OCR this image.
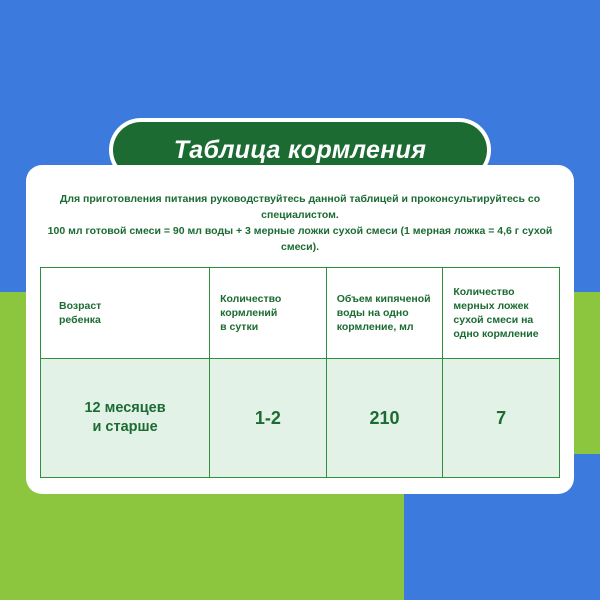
Таблица кормления

Для приготовления питания руководствуйтесь данной таблицей и проконсультируйтесь со специалистом.

100 мл готовой смеси = 90 мл воды + 3 мерные ложки сухой смеси (1 мерная ложка = 4,6 г сухой смеси).

Возраст
ребенка	Количество
кормлений
в сутки	Объем кипяченой
воды на одно
кормление, мл	Количество
мерных ложек
сухой смеси на
одно кормление
12 месяцев
и старше	1-2	210	7
